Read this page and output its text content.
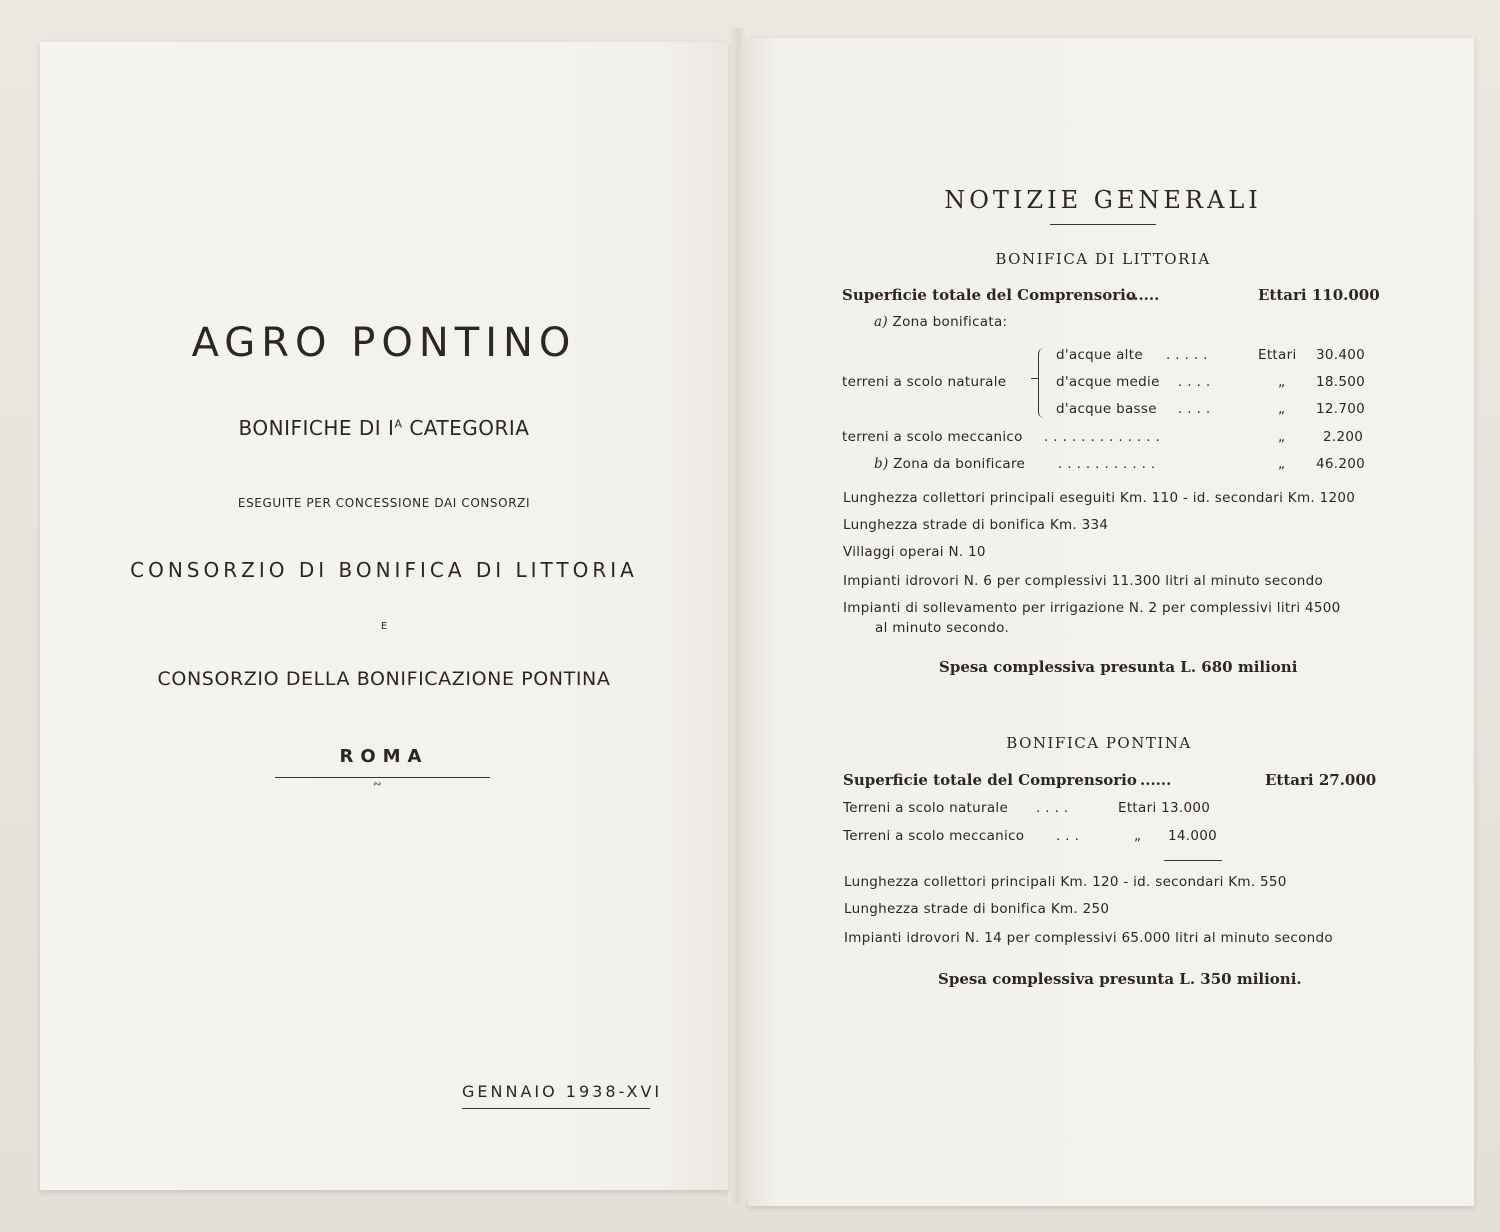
AGRO PONTINO
BONIFICHE DI $I^A$ CATEGORIA
ESEGUITE PER CONCESSIONE DAI CONSORZI
CONSORZIO DI BONIFICA DI LITTORIA
E
CONSORZIO DELLA BONIFICAZIONE PONTINA
ROMA
∾
GENNAIO 1938-XVI
NOTIZIE GENERALI
BONIFICA DI LITTORIA
Superficie totale del Comprensorio
......	Ettari 110.000
a) Zona bonificata:
terreni a scolo naturale
d'acque alte .....	Ettari 30.400
d'acque medie ....	„ 18.500
d'acque basse ....	„ 12.700
terreni a scolo meccanico .............	„	2.200
b) Zona da bonificare ...........	„ 46.200
Lunghezza collettori principali eseguiti Km. 110 - id. secondari Km. 1200
Lunghezza strade di bonifica Km. 334
Villaggi operai N. 10
Impianti idrovori N. 6 per complessivi 11.300 litri al minuto secondo
Impianti di sollevamento per irrigazione N. 2 per complessivi litri 4500
al minuto secondo.
Spesa complessiva presunta L. 680 milioni
BONIFICA PONTINA
Superficie totale del Comprensorio ......	Ettari 27.000
Terreni a scolo naturale ....	Ettari 13.000
Terreni a scolo meccanico ...	„ 14.000
Lunghezza collettori principali Km. 120 - id. secondari Km. 550
Lunghezza strade di bonifica Km. 250
Impianti idrovori N. 14 per complessivi 65.000 litri al minuto secondo
Spesa complessiva presunta L. 350 milioni.
